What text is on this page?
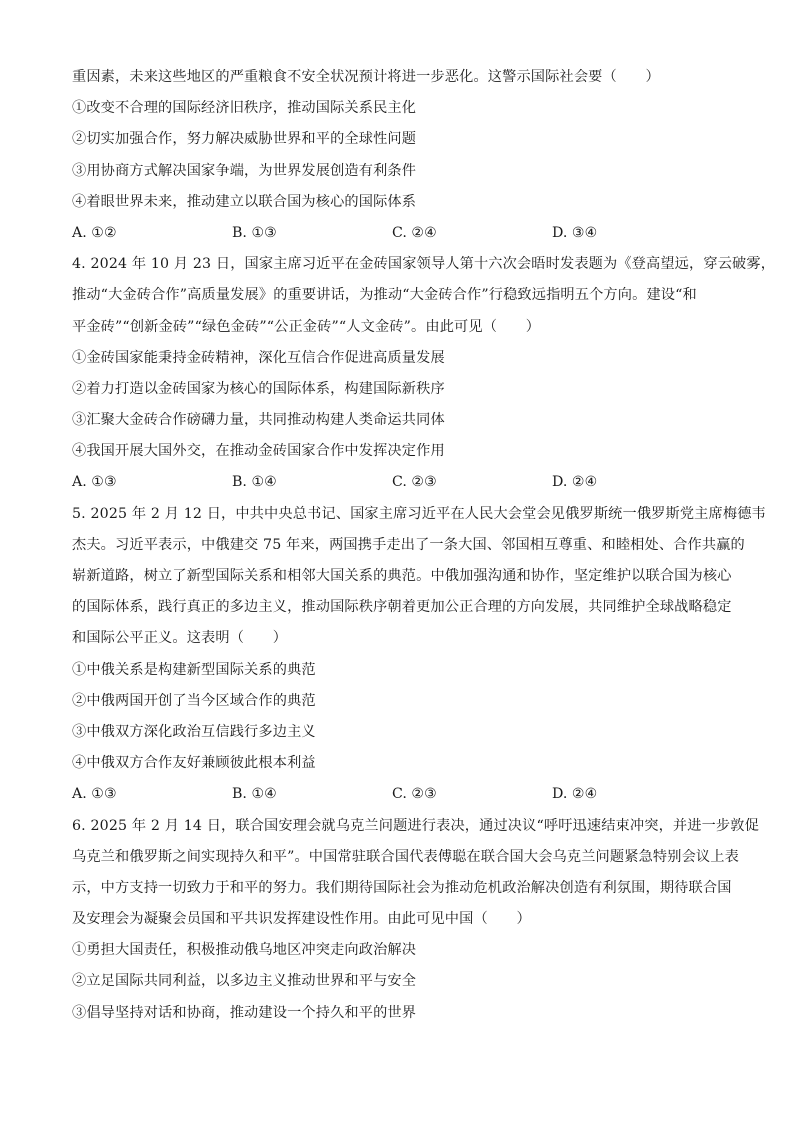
重因素，未来这些地区的严重粮食不安全状况预计将进一步恶化。这警示国际社会要（　　）
①改变不合理的国际经济旧秩序，推动国际关系民主化
②切实加强合作，努力解决威胁世界和平的全球性问题
③用协商方式解决国家争端，为世界发展创造有利条件
④着眼世界未来，推动建立以联合国为核心的国际体系
A. ①②	B. ①③	C. ②④	D. ③④
4. 2024 年 10 月 23 日，国家主席习近平在金砖国家领导人第十六次会晤时发表题为《登高望远，穿云破雾，
推动“大金砖合作”高质量发展》的重要讲话，为推动“大金砖合作”行稳致远指明五个方向。建设“和
平金砖”“创新金砖”“绿色金砖”“公正金砖”“人文金砖”。由此可见（　　）
①金砖国家能秉持金砖精神，深化互信合作促进高质量发展
②着力打造以金砖国家为核心的国际体系，构建国际新秩序
③汇聚大金砖合作磅礴力量，共同推动构建人类命运共同体
④我国开展大国外交，在推动金砖国家合作中发挥决定作用
A. ①③	B. ①④	C. ②③	D. ②④
5. 2025 年 2 月 12 日，中共中央总书记、国家主席习近平在人民大会堂会见俄罗斯统一俄罗斯党主席梅德韦
杰夫。习近平表示，中俄建交 75 年来，两国携手走出了一条大国、邻国相互尊重、和睦相处、合作共赢的
崭新道路，树立了新型国际关系和相邻大国关系的典范。中俄加强沟通和协作，坚定维护以联合国为核心
的国际体系，践行真正的多边主义，推动国际秩序朝着更加公正合理的方向发展，共同维护全球战略稳定
和国际公平正义。这表明（　　）
①中俄关系是构建新型国际关系的典范
②中俄两国开创了当今区域合作的典范
③中俄双方深化政治互信践行多边主义
④中俄双方合作友好兼顾彼此根本利益
A. ①③	B. ①④	C. ②③	D. ②④
6. 2025 年 2 月 14 日，联合国安理会就乌克兰问题进行表决，通过决议“呼吁迅速结束冲突，并进一步敦促
乌克兰和俄罗斯之间实现持久和平”。中国常驻联合国代表傅聪在联合国大会乌克兰问题紧急特别会议上表
示，中方支持一切致力于和平的努力。我们期待国际社会为推动危机政治解决创造有利氛围，期待联合国
及安理会为凝聚会员国和平共识发挥建设性作用。由此可见中国（　　）
①勇担大国责任，积极推动俄乌地区冲突走向政治解决
②立足国际共同利益，以多边主义推动世界和平与安全
③倡导坚持对话和协商，推动建设一个持久和平的世界
